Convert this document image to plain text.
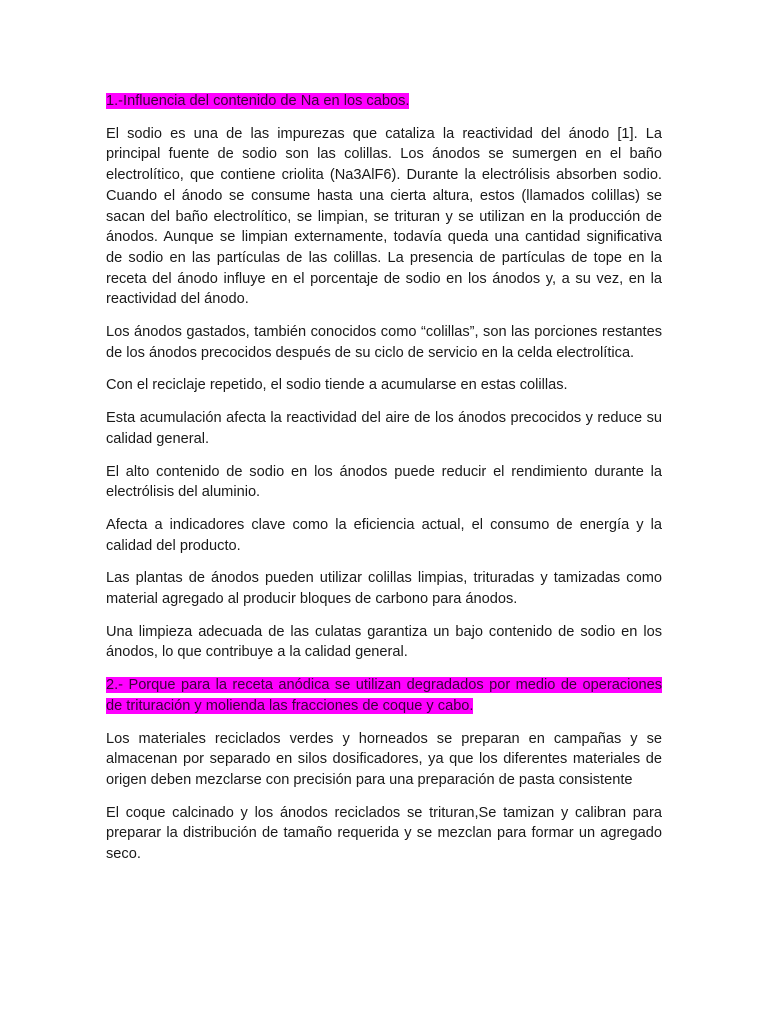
1.-Influencia del contenido de Na en los cabos.

El sodio es una de las impurezas que cataliza la reactividad del ánodo [1]. La principal fuente de sodio son las colillas. Los ánodos se sumergen en el baño electrolítico, que contiene criolita (Na3AlF6). Durante la electrólisis absorben sodio. Cuando el ánodo se consume hasta una cierta altura, estos (llamados colillas) se sacan del baño electrolítico, se limpian, se trituran y se utilizan en la producción de ánodos. Aunque se limpian externamente, todavía queda una cantidad significativa de sodio en las partículas de las colillas. La presencia de partículas de tope en la receta del ánodo influye en el porcentaje de sodio en los ánodos y, a su vez, en la reactividad del ánodo.

Los ánodos gastados, también conocidos como “colillas”, son las porciones restantes de los ánodos precocidos después de su ciclo de servicio en la celda electrolítica.

Con el reciclaje repetido, el sodio tiende a acumularse en estas colillas.

Esta acumulación afecta la reactividad del aire de los ánodos precocidos y reduce su calidad general.

El alto contenido de sodio en los ánodos puede reducir el rendimiento durante la electrólisis del aluminio.

Afecta a indicadores clave como la eficiencia actual, el consumo de energía y la calidad del producto.

Las plantas de ánodos pueden utilizar colillas limpias, trituradas y tamizadas como material agregado al producir bloques de carbono para ánodos.

Una limpieza adecuada de las culatas garantiza un bajo contenido de sodio en los ánodos, lo que contribuye a la calidad general.

2.- Porque para la receta anódica se utilizan degradados por medio de operaciones de trituración y molienda las fracciones de coque y cabo.

Los materiales reciclados verdes y horneados se preparan en campañas y se almacenan por separado en silos dosificadores, ya que los diferentes materiales de origen deben mezclarse con precisión para una preparación de pasta consistente

El coque calcinado y los ánodos reciclados se trituran,Se tamizan y calibran para preparar la distribución de tamaño requerida y se mezclan para formar un agregado seco.
